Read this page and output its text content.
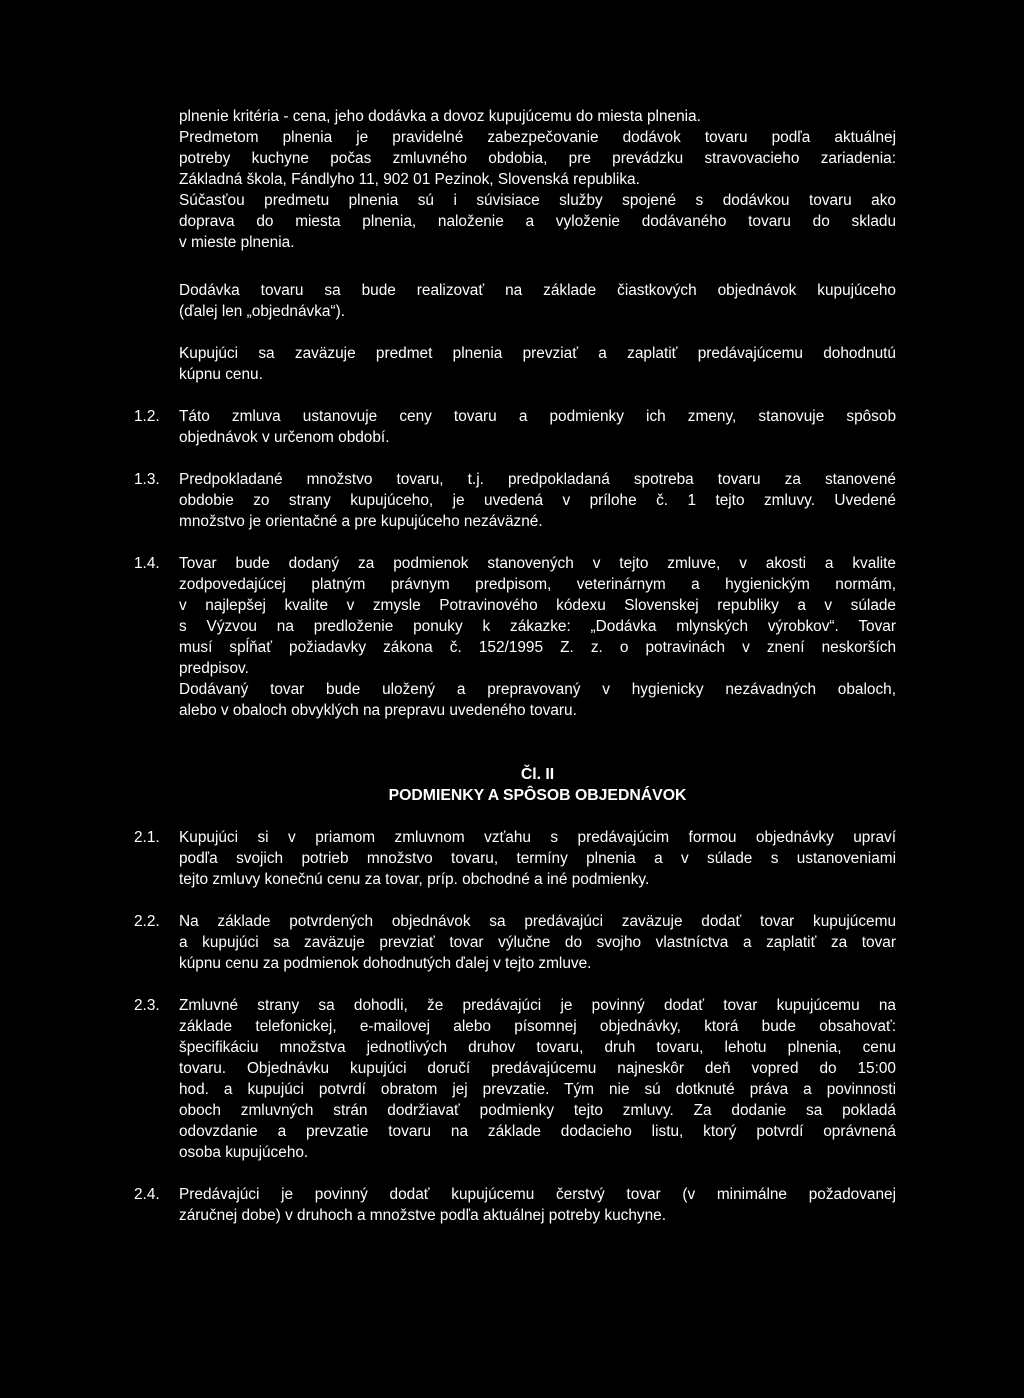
plnenie kritéria - cena, jeho dodávka a dovoz kupujúcemu do miesta plnenia.
Predmetom plnenia je pravidelné zabezpečovanie dodávok tovaru podľa aktuálnej
potreby kuchyne počas zmluvného obdobia, pre prevádzku stravovacieho zariadenia:
Základná škola, Fándlyho 11, 902 01 Pezinok, Slovenská republika.
Súčasťou predmetu plnenia sú i súvisiace služby spojené s dodávkou tovaru ako
doprava do miesta plnenia, naloženie a vyloženie dodávaného tovaru do skladu
v mieste plnenia.
Dodávka tovaru sa bude realizovať na základe čiastkových objednávok kupujúceho
(ďalej len „objednávka“).
Kupujúci sa zaväzuje predmet plnenia prevziať a zaplatiť predávajúcemu dohodnutú
kúpnu cenu.
1.2. Táto zmluva ustanovuje ceny tovaru a podmienky ich zmeny, stanovuje spôsob
objednávok v určenom období.
1.3. Predpokladané množstvo tovaru, t.j. predpokladaná spotreba tovaru za stanovené
obdobie zo strany kupujúceho, je uvedená v prílohe č. 1 tejto zmluvy. Uvedené
množstvo je orientačné a pre kupujúceho nezáväzné.
1.4. Tovar bude dodaný za podmienok stanovených v tejto zmluve, v akosti a kvalite
zodpovedajúcej platným právnym predpisom, veterinárnym a hygienickým normám,
v najlepšej kvalite v zmysle Potravinového kódexu Slovenskej republiky a v súlade
s Výzvou na predloženie ponuky k zákazke: „Dodávka mlynských výrobkov“. Tovar
musí spĺňať požiadavky zákona č. 152/1995 Z. z. o potravinách v znení neskorších
predpisov.
Dodávaný tovar bude uložený a prepravovaný v hygienicky nezávadných obaloch,
alebo v obaloch obvyklých na prepravu uvedeného tovaru.
Čl. II
PODMIENKY A SPÔSOB OBJEDNÁVOK
2.1. Kupujúci si v priamom zmluvnom vzťahu s predávajúcim formou objednávky upraví
podľa svojich potrieb množstvo tovaru, termíny plnenia a v súlade s ustanoveniami
tejto zmluvy konečnú cenu za tovar, príp. obchodné a iné podmienky.
2.2. Na základe potvrdených objednávok sa predávajúci zaväzuje dodať tovar kupujúcemu
a kupujúci sa zaväzuje prevziať tovar výlučne do svojho vlastníctva a zaplatiť za tovar
kúpnu cenu za podmienok dohodnutých ďalej v tejto zmluve.
2.3. Zmluvné strany sa dohodli, že predávajúci je povinný dodať tovar kupujúcemu na
základe telefonickej, e-mailovej alebo písomnej objednávky, ktorá bude obsahovať:
špecifikáciu množstva jednotlivých druhov tovaru, druh tovaru, lehotu plnenia, cenu
tovaru. Objednávku kupujúci doručí predávajúcemu najneskôr deň vopred do 15:00
hod. a kupujúci potvrdí obratom jej prevzatie. Tým nie sú dotknuté práva a povinnosti
oboch zmluvných strán dodržiavať podmienky tejto zmluvy. Za dodanie sa pokladá
odovzdanie a prevzatie tovaru na základe dodacieho listu, ktorý potvrdí oprávnená
osoba kupujúceho.
2.4. Predávajúci je povinný dodať kupujúcemu čerstvý tovar (v minimálne požadovanej
záručnej dobe) v druhoch a množstve podľa aktuálnej potreby kuchyne.
